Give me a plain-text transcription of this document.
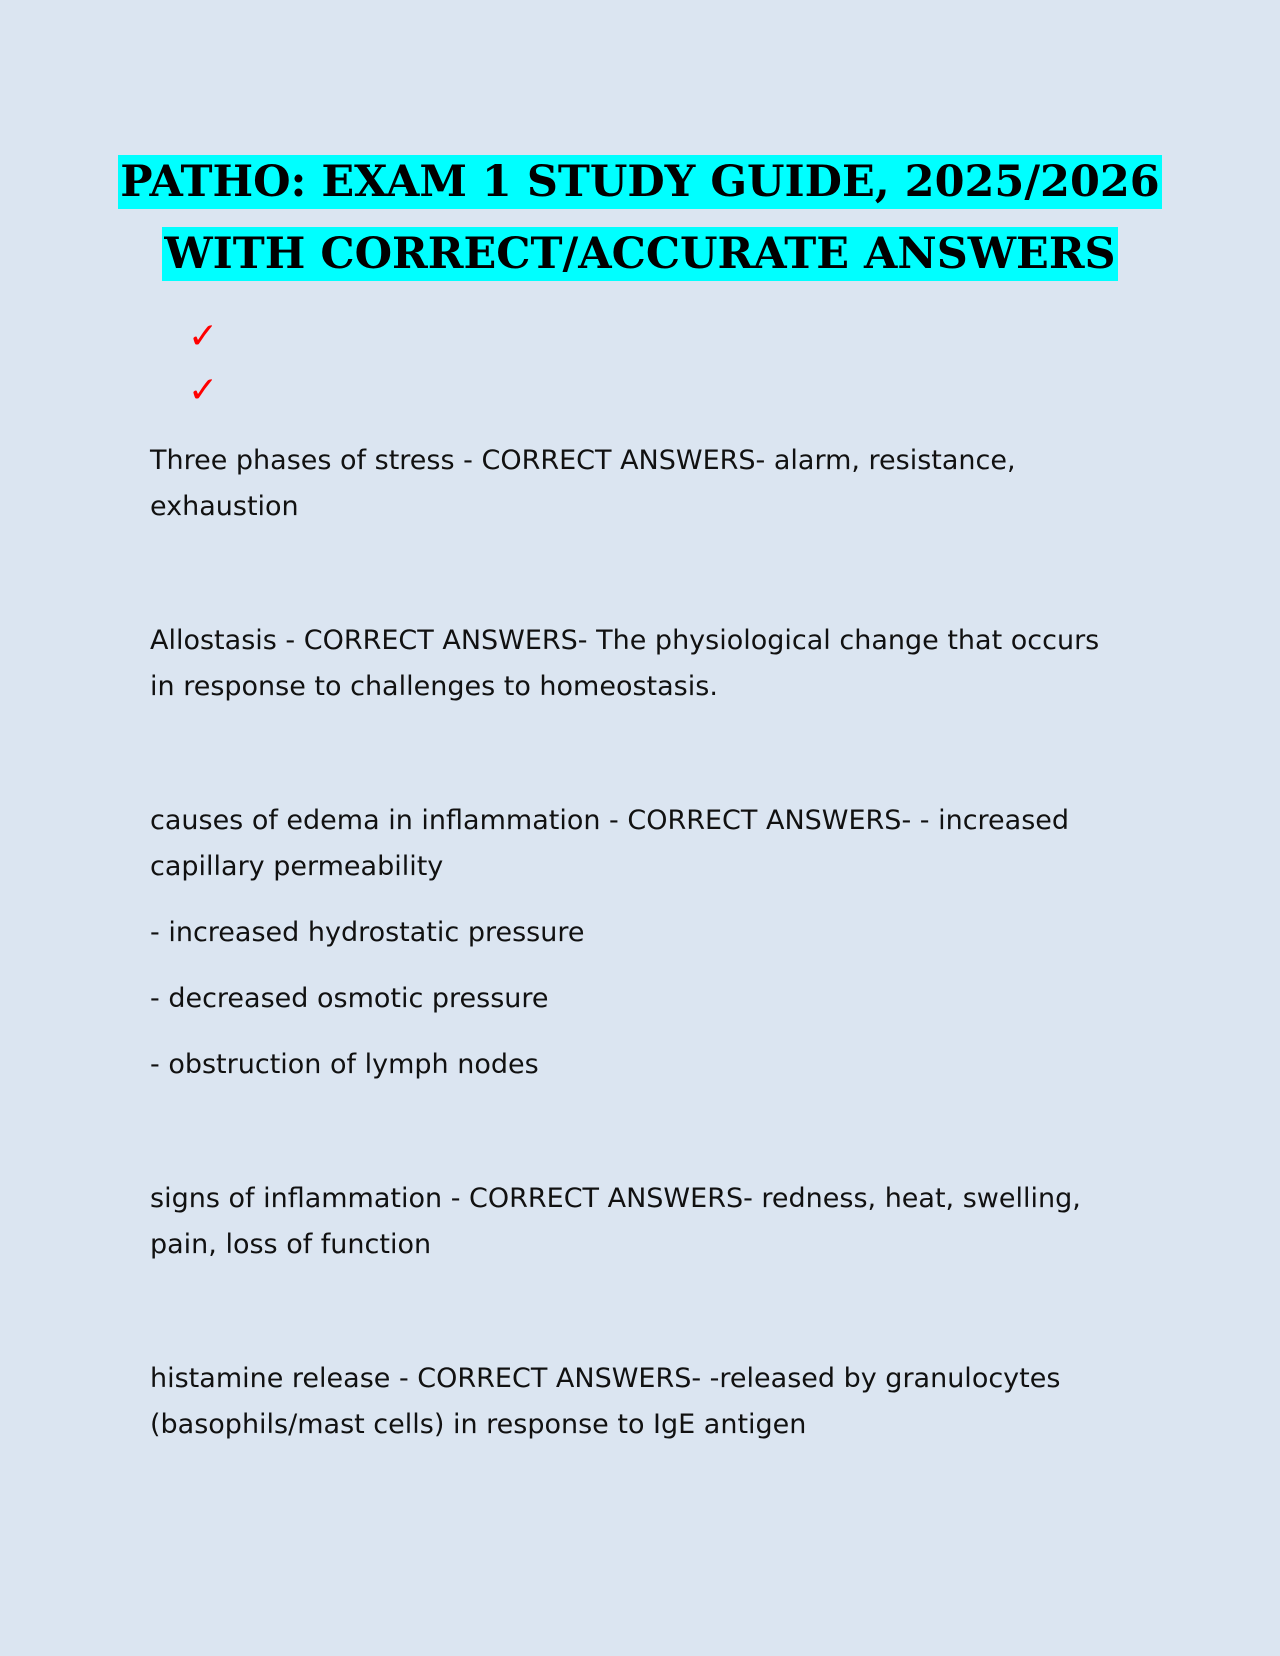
PATHO: EXAM 1 STUDY GUIDE, 2025/2026
WITH CORRECT/ACCURATE ANSWERS
✓
✓

Three phases of stress - CORRECT ANSWERS- alarm, resistance, exhaustion

Allostasis - CORRECT ANSWERS- The physiological change that occurs in response to challenges to homeostasis.

causes of edema in inflammation - CORRECT ANSWERS- - increased capillary permeability

- increased hydrostatic pressure

- decreased osmotic pressure

- obstruction of lymph nodes

signs of inflammation - CORRECT ANSWERS- redness, heat, swelling, pain, loss of function

histamine release - CORRECT ANSWERS- -released by granulocytes (basophils/mast cells) in response to IgE antigen
